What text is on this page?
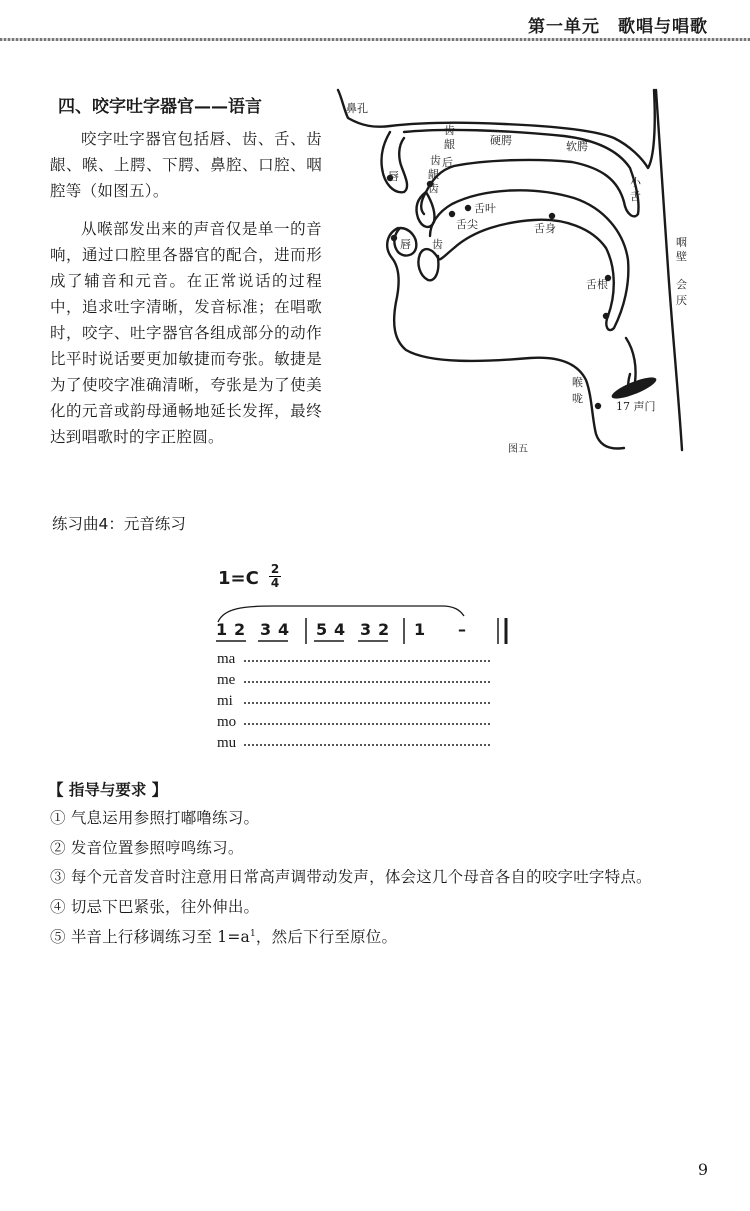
第一单元　歌唱与唱歌
四、咬字吐字器官——语言
咬字吐字器官包括唇、齿、舌、齿龈、喉、上腭、下腭、鼻腔、口腔、咽腔等（如图五）。
从喉部发出来的声音仅是单一的音响，通过口腔里各器官的配合，进而形成了辅音和元音。在正常说话的过程中，追求吐字清晰，发音标准；在唱歌时，咬字、吐字器官各组成部分的动作比平时说话要更加敏捷而夸张。敏捷是为了使咬字准确清晰，夸张是为了使美化的元音或韵母通畅地延长发挥，最终达到唱歌时的字正腔圆。
鼻孔
齿
龈
齿 后
龈
齿
硬腭	软腭
小
舌
唇
唇 齿
舌叶
舌尖	舌身
舌根
咽
壁
会
厌
喉
咙
17 声门
图五
练习曲4：元音练习
1=C 2
4
1 2 3 4 5 4 3 2 1 –
ma
me
mi
mo
mu
【 指导与要求 】
① 气息运用参照打嘟噜练习。
② 发音位置参照哼鸣练习。
③ 每个元音发音时注意用日常高声调带动发声，体会这几个母音各自的咬字吐字特点。
④ 切忌下巴紧张，往外伸出。
⑤ 半音上行移调练习至 $1=a^1$，然后下行至原位。
9
